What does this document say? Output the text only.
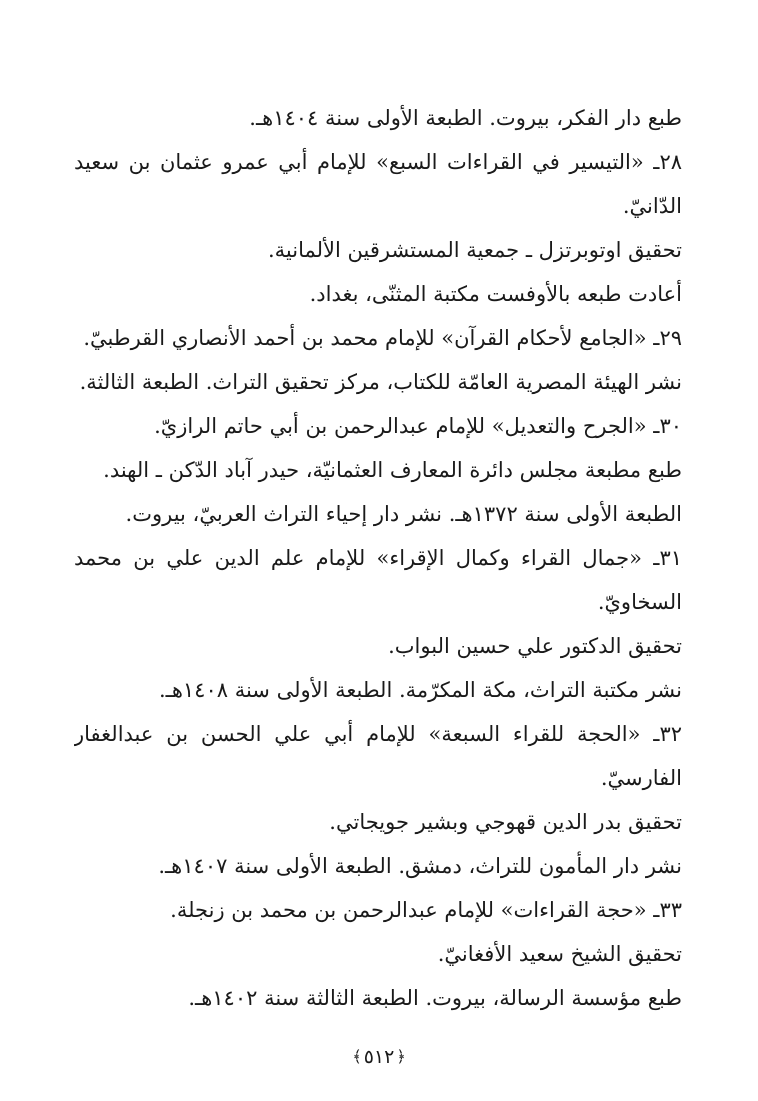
طبع دار الفكر، بيروت. الطبعة الأولى سنة ١٤٠٤هـ.
٢٨ـ «التيسير في القراءات السبع» للإمام أبي عمرو عثمان بن سعيد
الدّانيّ.
تحقيق اوتوبرتزل ـ جمعية المستشرقين الألمانية.
أعادت طبعه بالأوفست مكتبة المثنّى، بغداد.
٢٩ـ «الجامع لأحكام القرآن» للإمام محمد بن أحمد الأنصاري القرطبيّ.
نشر الهيئة المصرية العامّة للكتاب، مركز تحقيق التراث. الطبعة الثالثة.
٣٠ـ «الجرح والتعديل» للإمام عبدالرحمن بن أبي حاتم الرازيّ.
طبع مطبعة مجلس دائرة المعارف العثمانيّة، حيدر آباد الدّكن ـ الهند.
الطبعة الأولى سنة ١٣٧٢هـ. نشر دار إحياء التراث العربيّ، بيروت.
٣١ـ «جمال القراء وكمال الإقراء» للإمام علم الدين علي بن محمد
السخاويّ.
تحقيق الدكتور علي حسين البواب.
نشر مكتبة التراث، مكة المكرّمة. الطبعة الأولى سنة ١٤٠٨هـ.
٣٢ـ «الحجة للقراء السبعة» للإمام أبي علي الحسن بن عبدالغفار
الفارسيّ.
تحقيق بدر الدين قهوجي وبشير جويجاتي.
نشر دار المأمون للتراث، دمشق. الطبعة الأولى سنة ١٤٠٧هـ.
٣٣ـ «حجة القراءات» للإمام عبدالرحمن بن محمد بن زنجلة.
تحقيق الشيخ سعيد الأفغانيّ.
طبع مؤسسة الرسالة، بيروت. الطبعة الثالثة سنة ١٤٠٢هـ.
﴿٥١٢﴾
